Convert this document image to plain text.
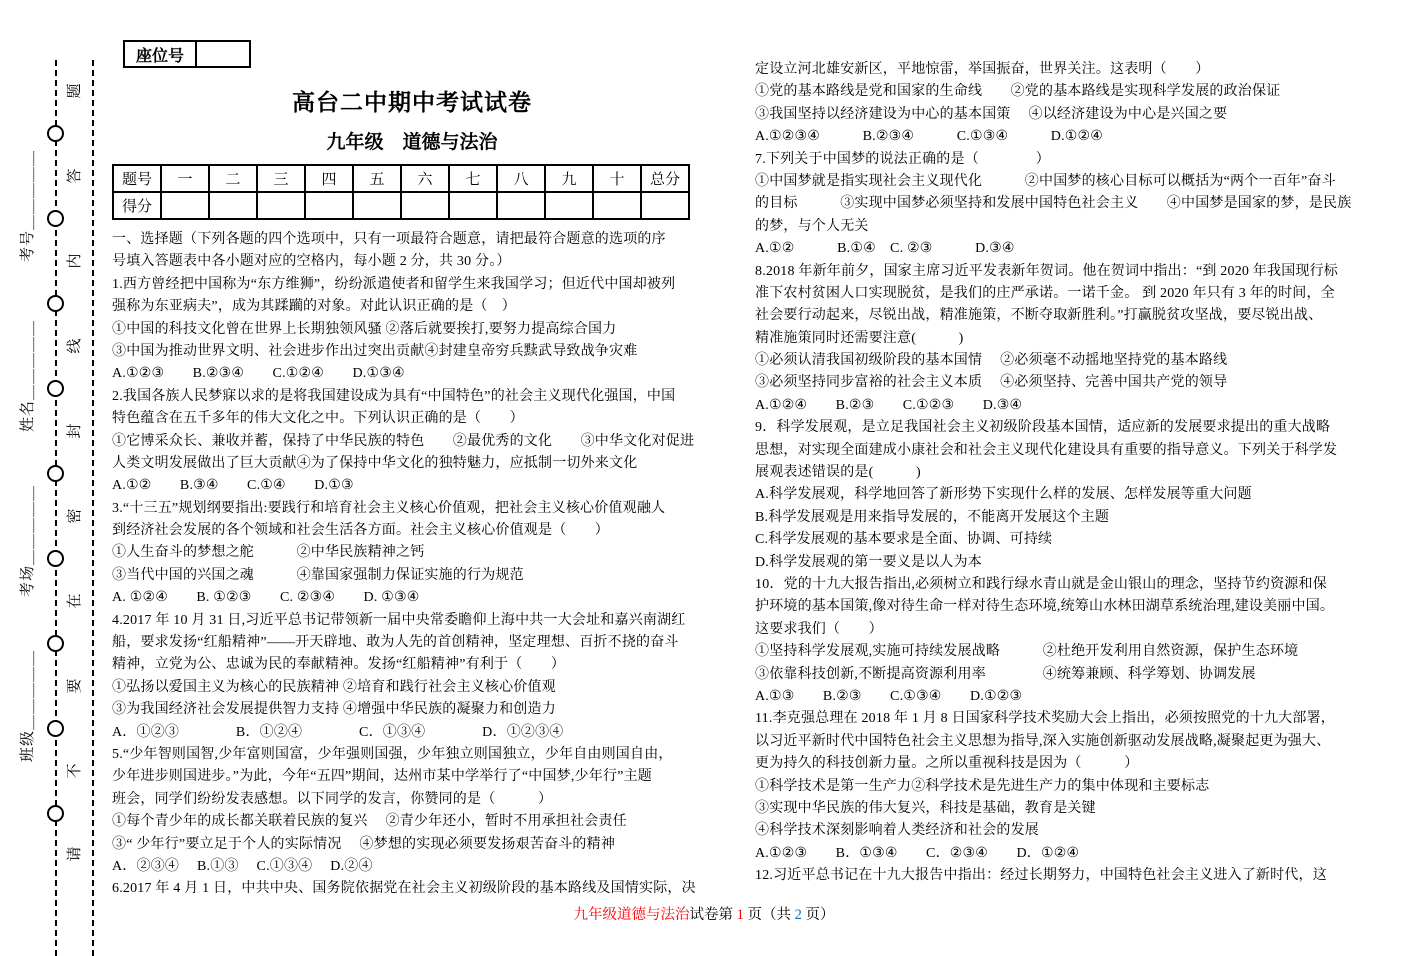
考号＿＿＿＿＿
姓名＿＿＿＿＿
考场＿＿＿＿＿
班级＿＿＿＿＿
题
答
内
线
封
密
在
要
不
请
座位号
高台二中期中考试试卷
九年级　道德与法治
题号	一	二	三	四	五	六	七	八	九	十	总分
得分											
一、选择题（下列各题的四个选项中，只有一项最符合题意，请把最符合题意的选项的序
号填入答题表中各小题对应的空格内，每小题 2 分，共 30 分。）
1.西方曾经把中国称为“东方维狮”，纷纷派遣使者和留学生来我国学习；但近代中国却被列
强称为东亚病夫”，成为其蹂躏的对象。对此认识正确的是（　）
①中国的科技文化曾在世界上长期独领风骚 ②落后就要挨打,要努力提高综合国力
③中国为推动世界文明、社会进步作出过突出贡献④封建皇帝穷兵黩武导致战争灾难
A.①②③　　B.②③④　　C.①②④　　D.①③④
2.我国各族人民梦寐以求的是将我国建设成为具有“中国特色”的社会主义现代化强国，中国
特色蕴含在五千多年的伟大文化之中。下列认识正确的是（　　）
①它博采众长、兼收并蓄，保持了中华民族的特色　　②最优秀的文化　　③中华文化对促进
人类文明发展做出了巨大贡献④为了保持中华文化的独特魅力，应抵制一切外来文化
A.①②　　B.③④　　C.①④　　D.①③
3.“十三五”规划纲要指出:要践行和培育社会主义核心价值观，把社会主义核心价值观融人
到经济社会发展的各个领域和社会生活各方面。社会主义核心价值观是（　　）
①人生奋斗的梦想之舵　　　②中华民族精神之钙
③当代中国的兴国之魂　　　④靠国家强制力保证实施的行为规范
A. ①②④　　B. ①②③　　C. ②③④　　D. ①③④
4.2017 年 10 月 31 日,习近平总书记带领新一届中央常委瞻仰上海中共一大会址和嘉兴南湖红
船，要求发扬“红船精神”——开天辟地、敢为人先的首创精神，坚定理想、百折不挠的奋斗
精神，立党为公、忠诚为民的奉献精神。发扬“红船精神”有利于（　　）
①弘扬以爱国主义为核心的民族精神 ②培育和践行社会主义核心价值观
③为我国经济社会发展提供智力支持 ④增强中华民族的凝聚力和创造力
A．①②③　　　　B．①②④　　　　C．①③④　　　　D．①②③④
5.“少年智则国智,少年富则国富，少年强则国强，少年独立则国独立，少年自由则国自由，
少年进步则国进步。”为此，今年“五四”期间，达州市某中学举行了“中国梦,少年行”主题
班会，同学们纷纷发表感想。以下同学的发言，你赞同的是（　　　）
①每个青少年的成长都关联着民族的复兴　 ②青少年还小，暂时不用承担社会责任
③“ 少年行”要立足于个人的实际情况　 ④梦想的实现必须要发扬艰苦奋斗的精神
A．②③④　 B.①③　 C.①③④　 D.②④
6.2017 年 4 月 1 日，中共中央、国务院依据党在社会主义初级阶段的基本路线及国情实际，决
定设立河北雄安新区，平地惊雷，举国振奋，世界关注。这表明（　　）
①党的基本路线是党和国家的生命线　　②党的基本路线是实现科学发展的政治保证
③我国坚持以经济建设为中心的基本国策　 ④以经济建设为中心是兴国之要
A.①②③④　　　B.②③④　　　C.①③④　　　D.①②④
7.下列关于中国梦的说法正确的是（　　　　）
①中国梦就是指实现社会主义现代化　　　②中国梦的核心目标可以概括为“两个一百年”奋斗
的目标　　　③实现中国梦必须坚持和发展中国特色社会主义　　④中国梦是国家的梦，是民族
的梦，与个人无关
A.①②　　　B.①④　C. ②③　　　D.③④
8.2018 年新年前夕，国家主席习近平发表新年贺词。他在贺词中指出：“到 2020 年我国现行标
准下农村贫困人口实现脱贫，是我们的庄严承诺。一诺千金。 到 2020 年只有 3 年的时间，全
社会要行动起来，尽锐出战，精准施策，不断夺取新胜利。”打赢脱贫攻坚战，要尽锐出战、
精准施策同时还需要注意(　　　)
①必须认清我国初级阶段的基本国情　 ②必须毫不动摇地坚持党的基本路线
③必须坚持同步富裕的社会主义本质　 ④必须坚持、完善中国共产党的领导
A.①②④　　B.②③　　C.①②③　　D.③④
9．科学发展观，是立足我国社会主义初级阶段基本国情，适应新的发展要求提出的重大战略
思想，对实现全面建成小康社会和社会主义现代化建设具有重要的指导意义。下列关于科学发
展观表述错误的是(　　　)
A.科学发展观，科学地回答了新形势下实现什么样的发展、怎样发展等重大问题
B.科学发展观是用来指导发展的，不能离开发展这个主题
C.科学发展观的基本要求是全面、协调、可持续
D.科学发展观的第一要义是以人为本
10．党的十九大报告指出,必须树立和践行绿水青山就是金山银山的理念，坚持节约资源和保
护环境的基本国策,像对待生命一样对待生态环境,统筹山水林田湖草系统治理,建设美丽中国。
这要求我们（　　）
①坚持科学发展观,实施可持续发展战略　　　②杜绝开发利用自然资源，保护生态环境
③依靠科技创新,不断提高资源利用率　　　　④统筹兼顾、科学筹划、协调发展
A.①③　　B.②③　　C.①③④　　D.①②③
11.李克强总理在 2018 年 1 月 8 日国家科学技术奖励大会上指出，必须按照党的十九大部署，
以习近平新时代中国特色社会主义思想为指导,深入实施创新驱动发展战略,凝聚起更为强大、
更为持久的科技创新力量。之所以重视科技是因为（　　　）
①科学技术是第一生产力②科学技术是先进生产力的集中体现和主要标志
③实现中华民族的伟大复兴，科技是基础，教育是关键
④科学技术深刻影响着人类经济和社会的发展
A.①②③　　B．①③④　　C．②③④　　D．①②④
12.习近平总书记在十九大报告中指出：经过长期努力，中国特色社会主义进入了新时代，这
九年级道德与法治试卷第 1 页（共 2 页）
